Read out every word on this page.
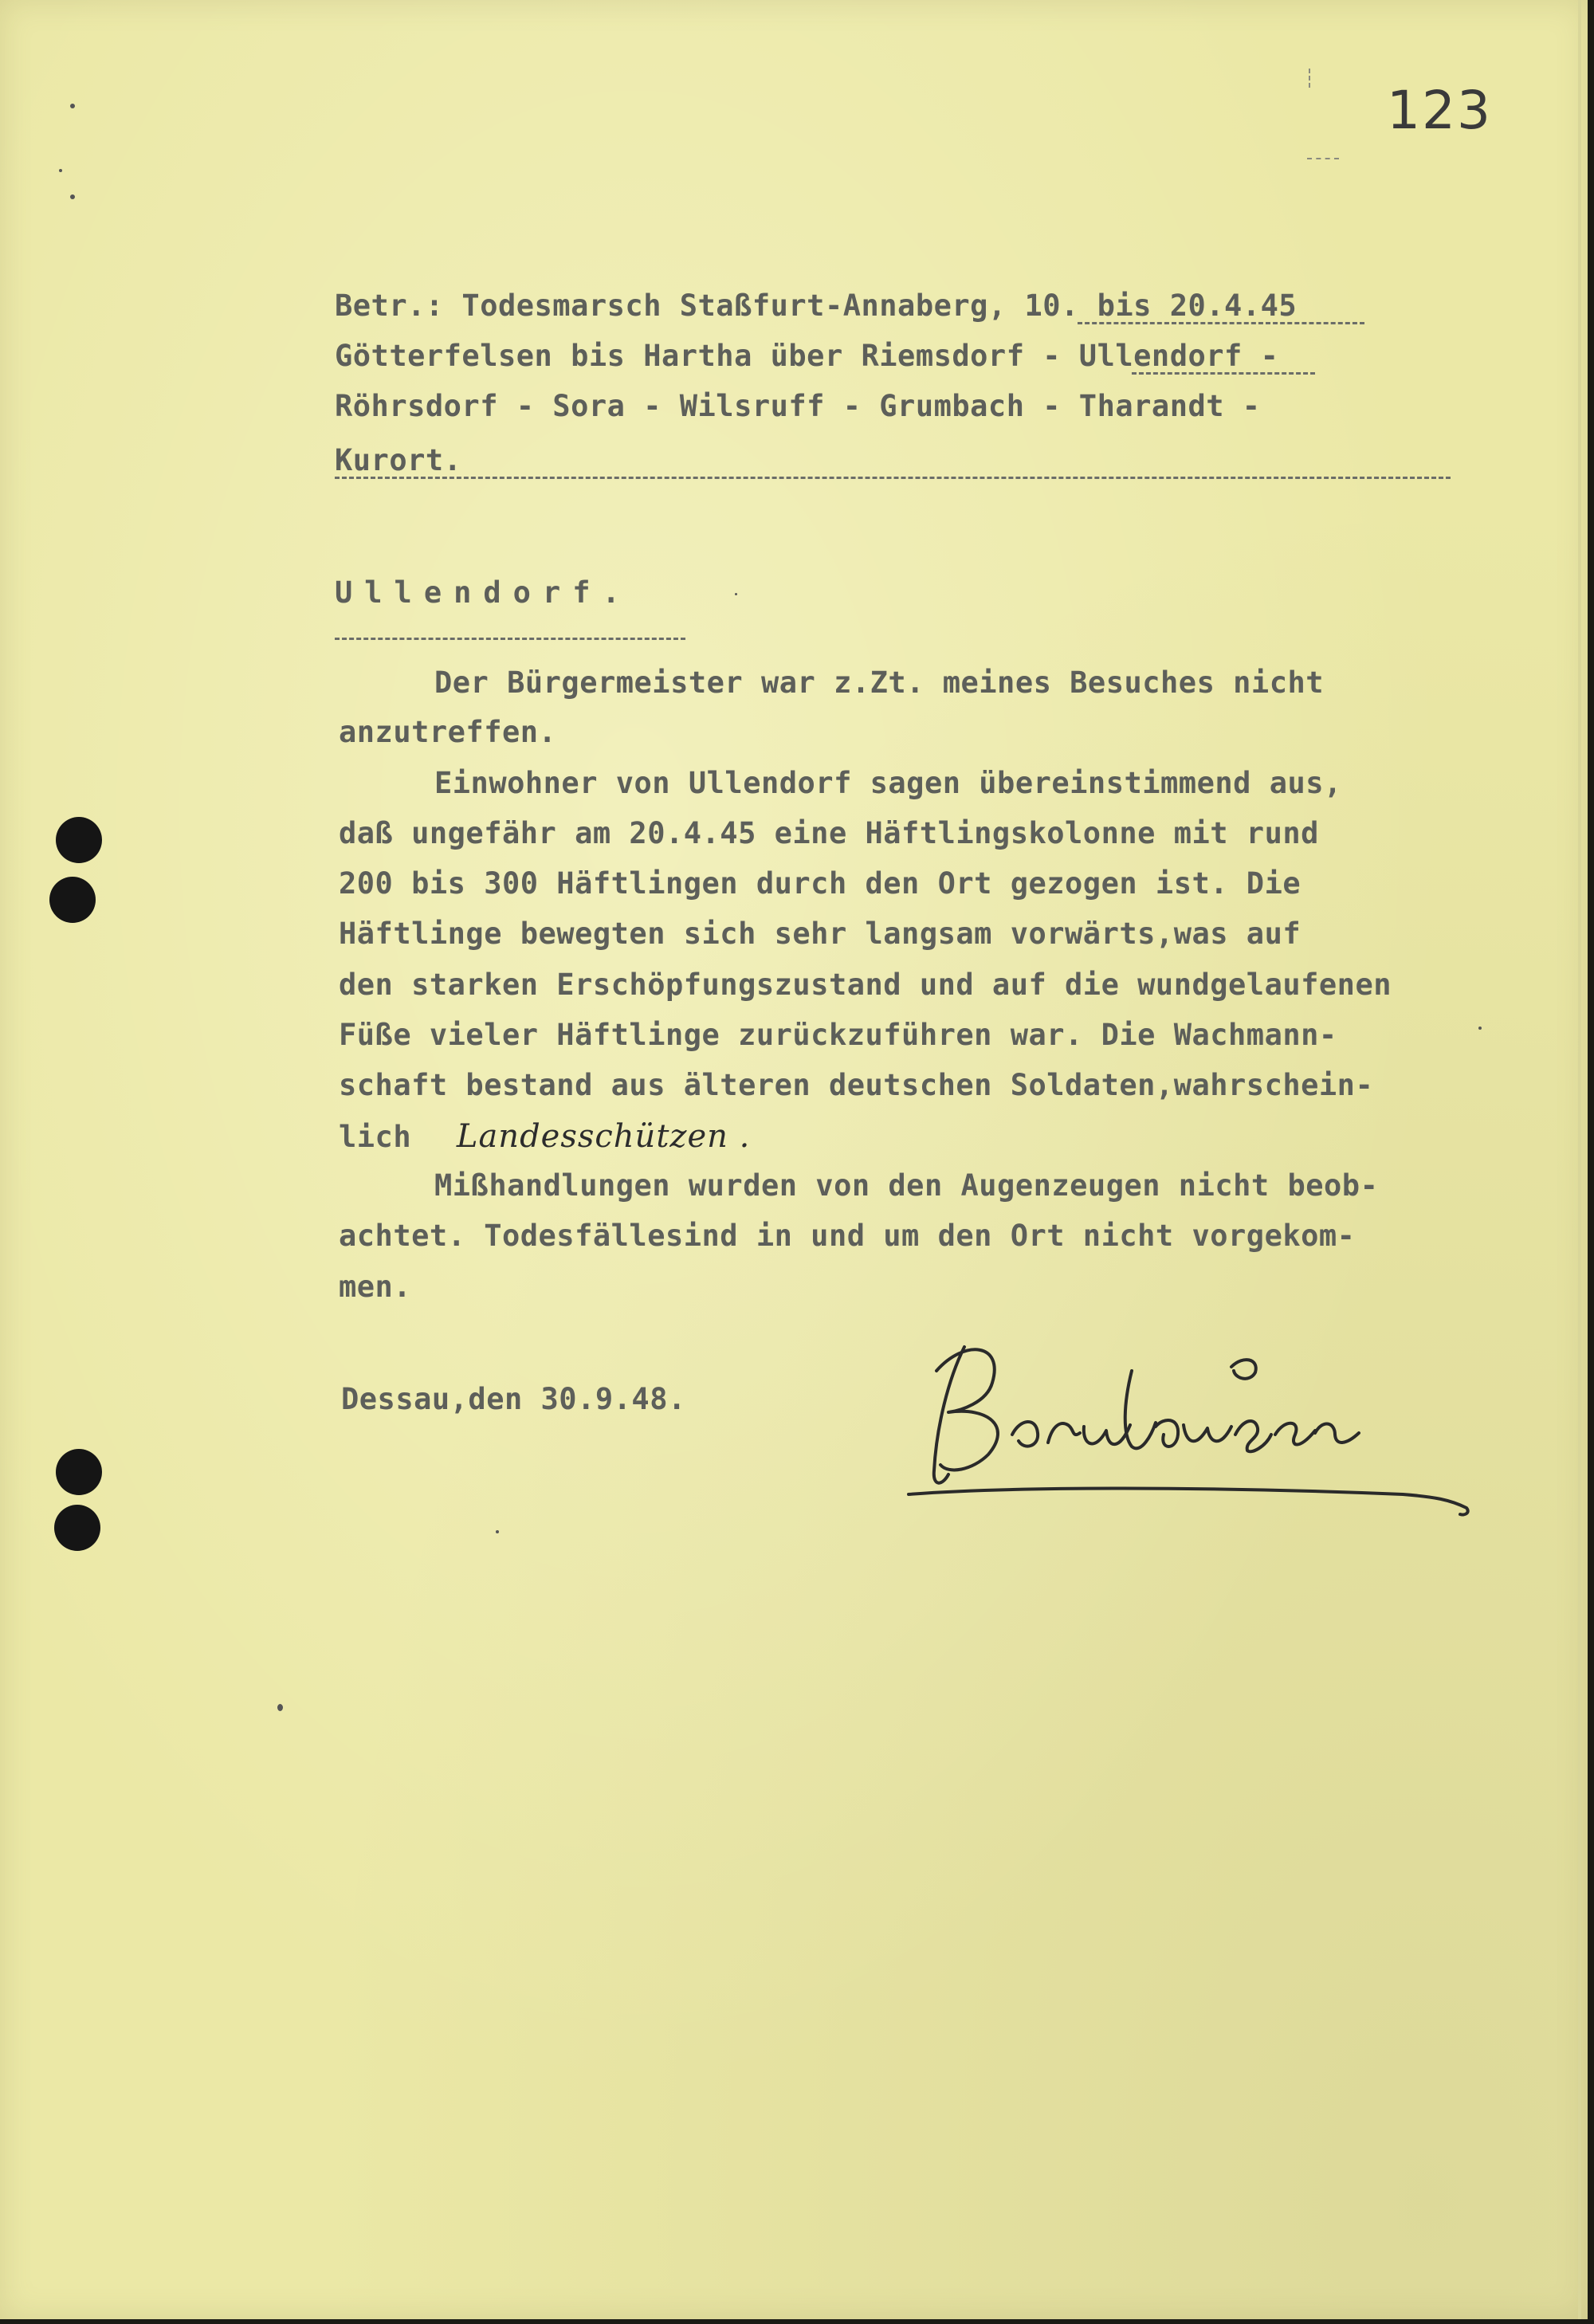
123
Betr.: Todesmarsch Staßfurt-Annaberg, 10. bis 20.4.45
Götterfelsen bis Hartha über Riemsdorf - Ullendorf -
Röhrsdorf - Sora - Wilsruff - Grumbach - Tharandt -
Kurort.
Ullendorf.
Der Bürgermeister war z.Zt. meines Besuches nicht
anzutreffen.
Einwohner von Ullendorf sagen übereinstimmend aus,
daß ungefähr am 20.4.45 eine Häftlingskolonne mit rund
200 bis 300 Häftlingen durch den Ort gezogen ist. Die
Häftlinge bewegten sich sehr langsam vorwärts,was auf
den starken Erschöpfungszustand und auf die wundgelaufenen
Füße vieler Häftlinge zurückzuführen war. Die Wachmann-
schaft bestand aus älteren deutschen Soldaten,wahrschein-
lich Landesschützen .
Mißhandlungen wurden von den Augenzeugen nicht beob-
achtet. Todesfällesind in und um den Ort nicht vorgekom-
men.
Dessau,den 30.9.48.
